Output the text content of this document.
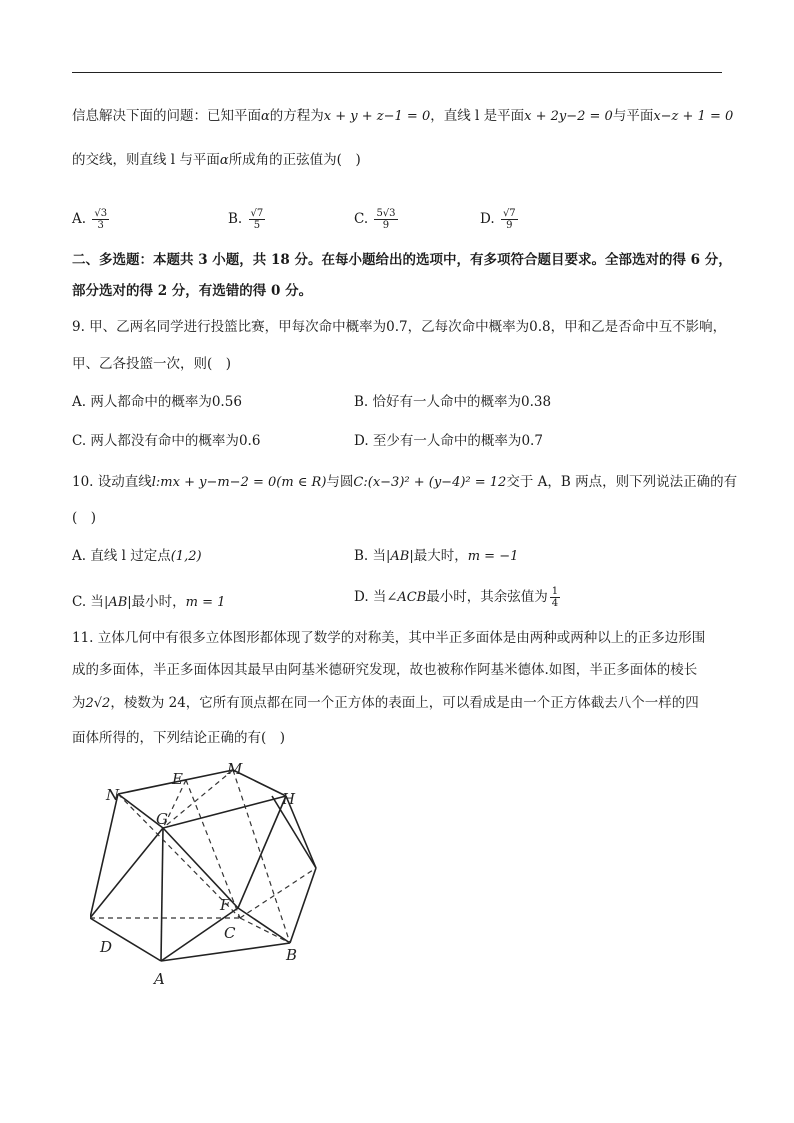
信息解决下面的问题：已知平面α的方程为x + y + z−1 = 0，直线 l 是平面x + 2y−2 = 0与平面x−z + 1 = 0
的交线，则直线 l 与平面α所成角的正弦值为(　)
A. $\frac{√3}{3}$	B. $\frac{√7}{5}$	C. $\frac{5√3}{9}$	D. $\frac{√7}{9}$
二、多选题：本题共 3 小题，共 18 分。在每小题给出的选项中，有多项符合题目要求。全部选对的得 6 分，
部分选对的得 2 分，有选错的得 0 分。
9. 甲、乙两名同学进行投篮比赛，甲每次命中概率为0.7，乙每次命中概率为0.8，甲和乙是否命中互不影响，
甲、乙各投篮一次，则(　)
A. 两人都命中的概率为0.56	B. 恰好有一人命中的概率为0.38
C. 两人都没有命中的概率为0.6	D. 至少有一人命中的概率为0.7
10. 设动直线l:mx + y−m−2 = 0(m ∈ R)与圆C:(x−3)² + (y−4)² = 12交于 A，B 两点，则下列说法正确的有
(　)
A. 直线 l 过定点(1,2)	B. 当|AB|最大时，m = −1
C. 当|AB|最小时，m = 1	D. 当∠ACB最小时，其余弦值为 $\frac{1}{4}$
11. 立体几何中有很多立体图形都体现了数学的对称美，其中半正多面体是由两种或两种以上的正多边形围
成的多面体，半正多面体因其最早由阿基米德研究发现，故也被称作阿基米德体.如图，半正多面体的棱长
为2√2，棱数为 24，它所有顶点都在同一个正方体的表面上，可以看成是由一个正方体截去八个一样的四
面体所得的，下列结论正确的有(　)
N
E
M
H
G
F
C
D
A
B
